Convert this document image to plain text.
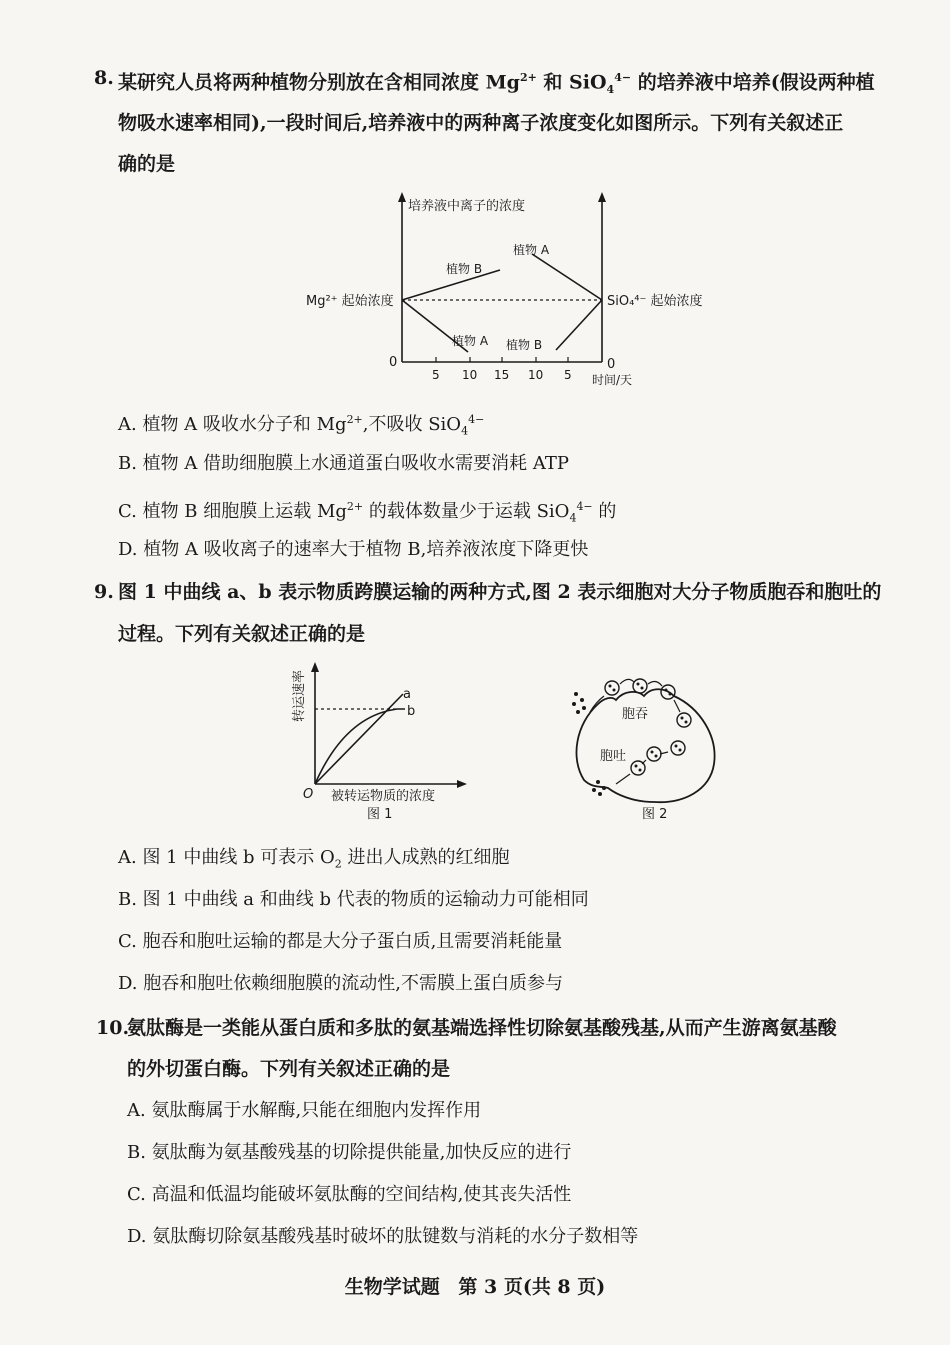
8. 某研究人员将两种植物分别放在含相同浓度 $Mg^{2+}$ 和 SiO$_4^{4-}$ 的培养液中培养(假设两种植
物吸水速率相同),一段时间后,培养液中的两种离子浓度变化如图所示。下列有关叙述正
确的是
培养液中离子的浓度
Mg²⁺ 起始浓度	SiO₄⁴⁻ 起始浓度
植物 B
植物 A
植物 A 植物 B
0	0
5 10 15 10 5 时间/天
A. 植物 A 吸收水分子和 $Mg^{2+}$,不吸收 SiO$_4^{4-}$
B. 植物 A 借助细胞膜上水通道蛋白吸收水需要消耗 ATP
C. 植物 B 细胞膜上运载 $Mg^{2+}$ 的载体数量少于运载 SiO$_4^{4-}$ 的
D. 植物 A 吸收离子的速率大于植物 B,培养液浓度下降更快
9. 图 1 中曲线 a、b 表示物质跨膜运输的两种方式,图 2 表示细胞对大分子物质胞吞和胞吐的
过程。下列有关叙述正确的是
a
b
转运速率
O 被转运物质的浓度
图 1
胞吞
胞吐
图 2
A. 图 1 中曲线 b 可表示 $O_2$ 进出人成熟的红细胞
B. 图 1 中曲线 a 和曲线 b 代表的物质的运输动力可能相同
C. 胞吞和胞吐运输的都是大分子蛋白质,且需要消耗能量
D. 胞吞和胞吐依赖细胞膜的流动性,不需膜上蛋白质参与
10.
氨肽酶是一类能从蛋白质和多肽的氨基端选择性切除氨基酸残基,从而产生游离氨基酸
的外切蛋白酶。下列有关叙述正确的是
A. 氨肽酶属于水解酶,只能在细胞内发挥作用
B. 氨肽酶为氨基酸残基的切除提供能量,加快反应的进行
C. 高温和低温均能破坏氨肽酶的空间结构,使其丧失活性
D. 氨肽酶切除氨基酸残基时破坏的肽键数与消耗的水分子数相等
生物学试题 第 3 页(共 8 页)
